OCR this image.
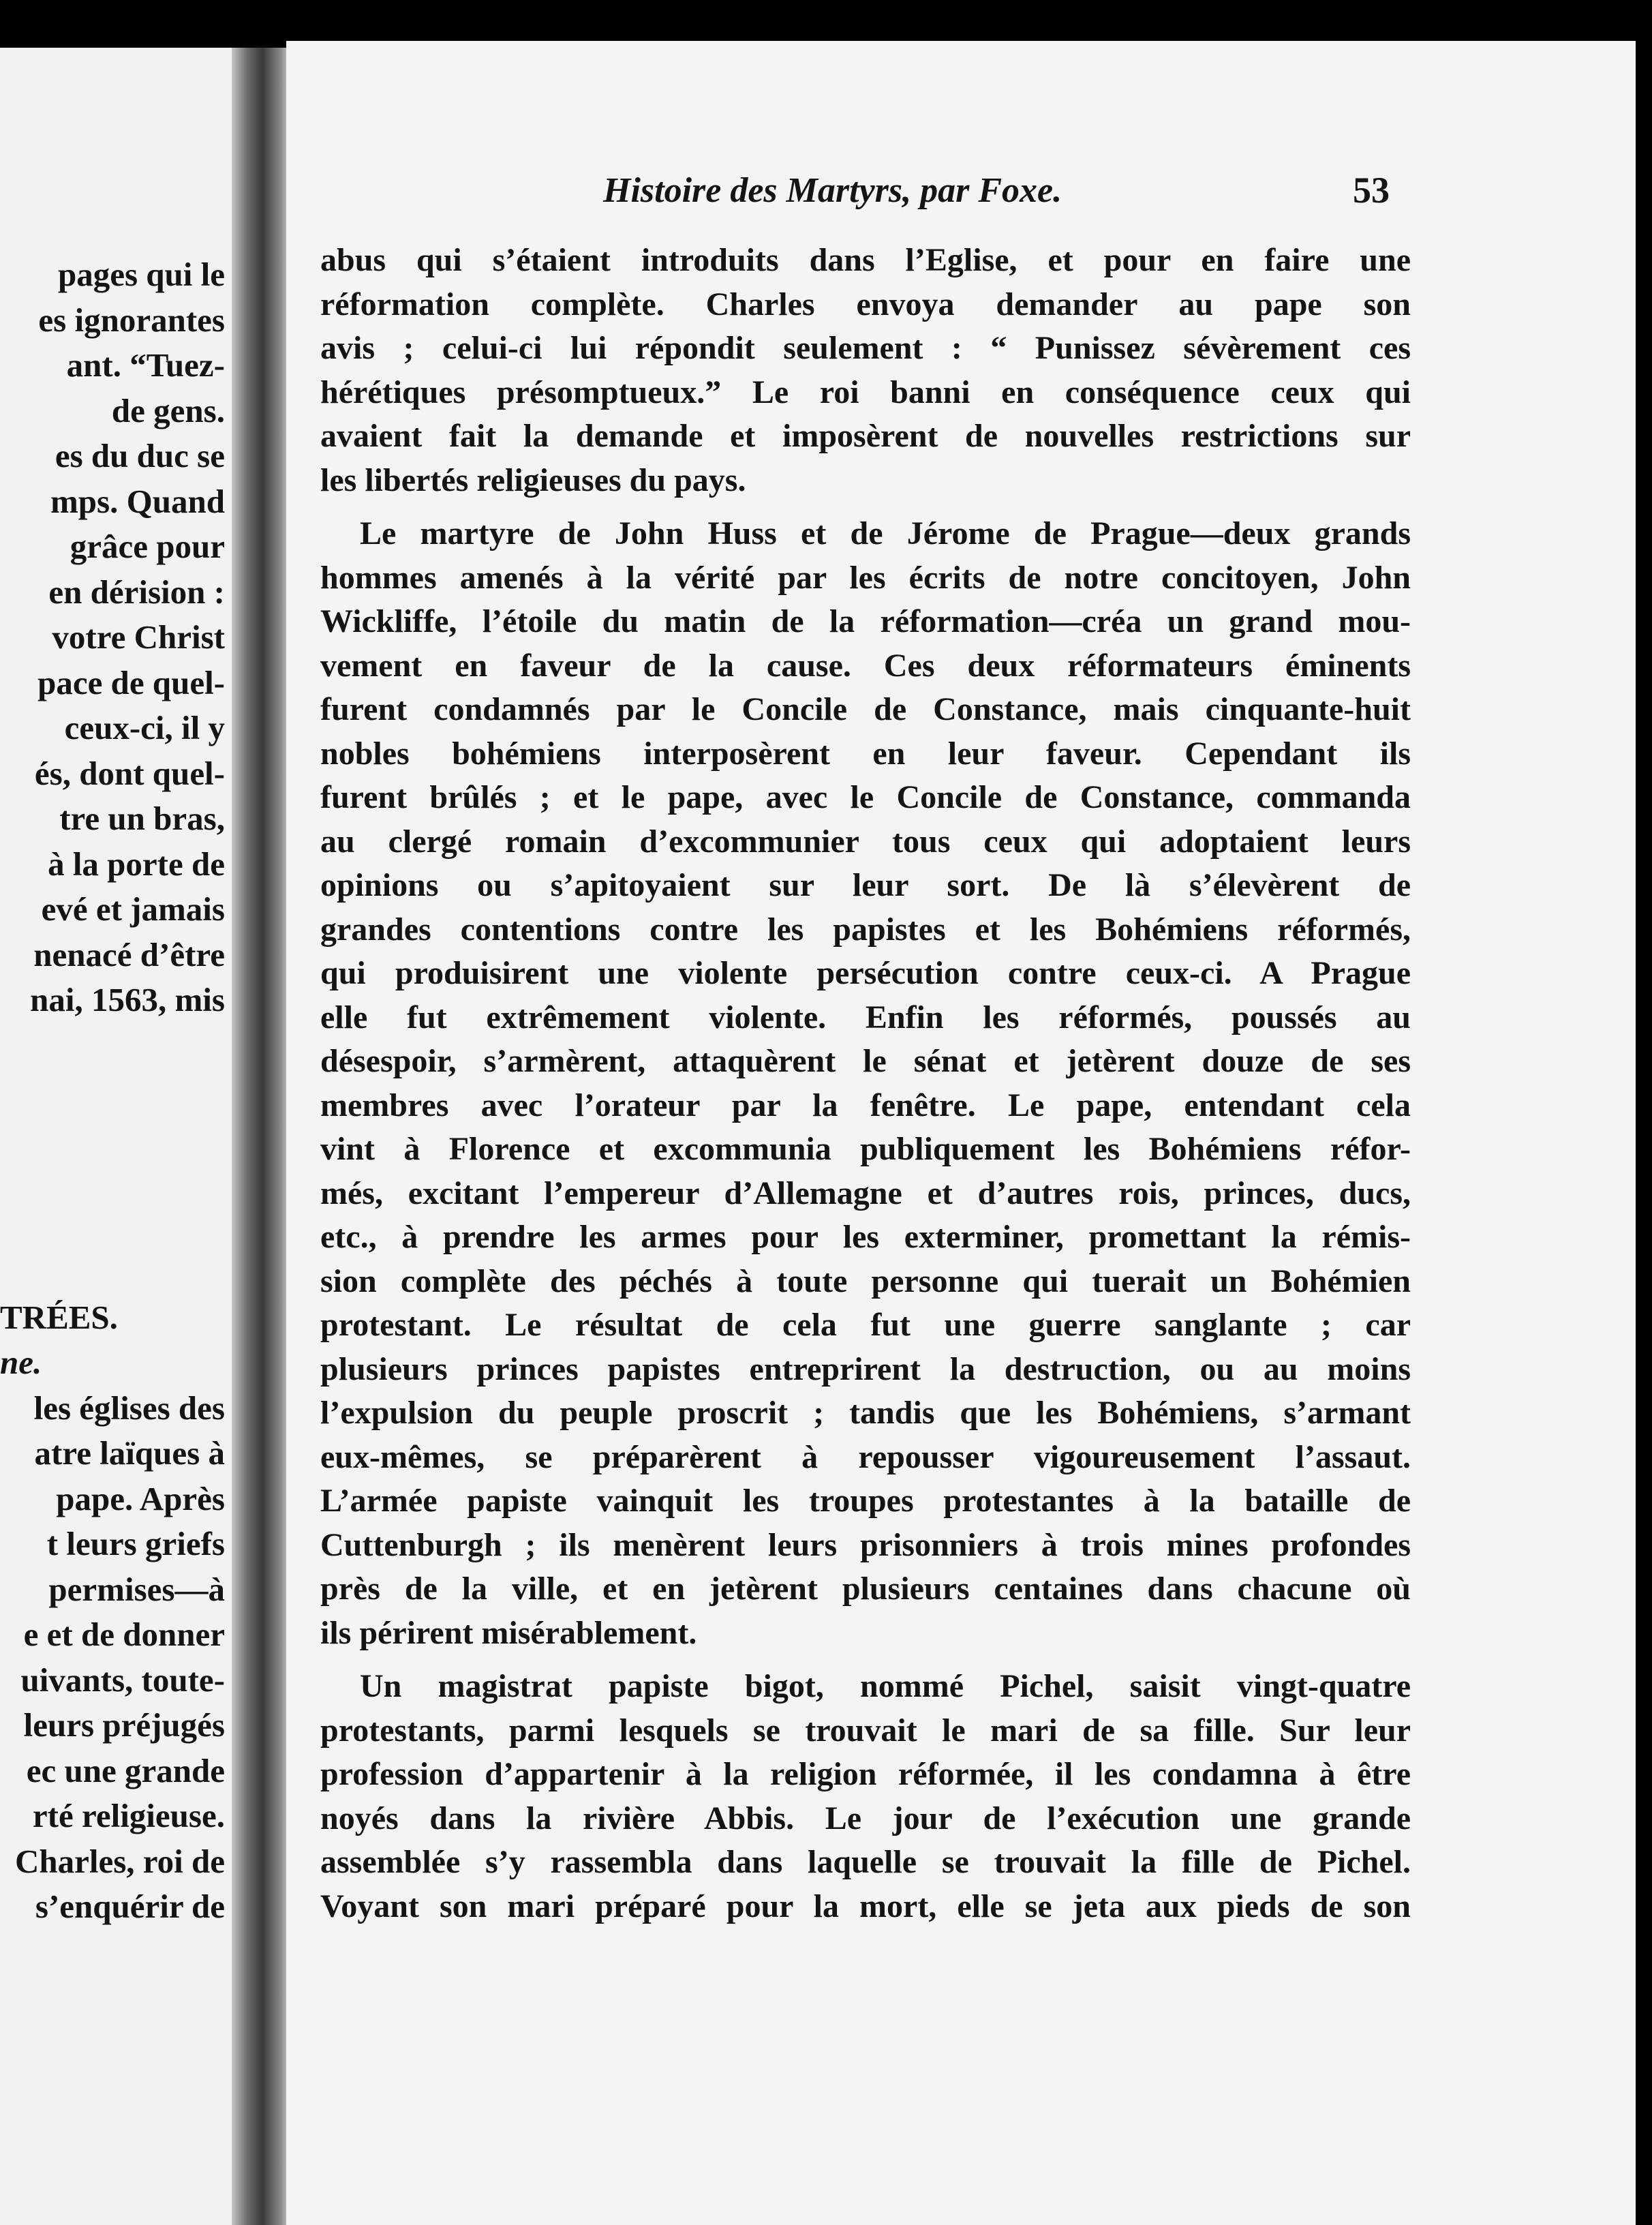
pages qui le
es ignorantes
ant. “Tuez-
de gens.
es du duc se
mps. Quand
grâce pour
en dérision :
votre Christ
pace de quel-
ceux-ci, il y
és, dont quel-
tre un bras,
à la porte de
evé et jamais
nenacé d’être
nai, 1563, mis
TRÉES.
ne.
les églises des
atre laïques à
pape. Après
t leurs griefs
permises—à
e et de donner
uivants, toute-
leurs préjugés
ec une grande
rté religieuse.
Charles, roi de
s’enquérir de
Histoire des Martyrs, par Foxe.	53
abus qui s’étaient introduits dans l’Eglise, et pour en faire une
réformation complète. Charles envoya demander au pape son
avis ; celui-ci lui répondit seulement : “ Punissez sévèrement ces
hérétiques présomptueux.” Le roi banni en conséquence ceux qui
avaient fait la demande et imposèrent de nouvelles restrictions sur
les libertés religieuses du pays.
Le martyre de John Huss et de Jérome de Prague—deux grands
hommes amenés à la vérité par les écrits de notre concitoyen, John
Wickliffe, l’étoile du matin de la réformation—créa un grand mou-
vement en faveur de la cause. Ces deux réformateurs éminents
furent condamnés par le Concile de Constance, mais cinquante-huit
nobles bohémiens interposèrent en leur faveur. Cependant ils
furent brûlés ; et le pape, avec le Concile de Constance, commanda
au clergé romain d’excommunier tous ceux qui adoptaient leurs
opinions ou s’apitoyaient sur leur sort. De là s’élevèrent de
grandes contentions contre les papistes et les Bohémiens réformés,
qui produisirent une violente persécution contre ceux-ci. A Prague
elle fut extrêmement violente. Enfin les réformés, poussés au
désespoir, s’armèrent, attaquèrent le sénat et jetèrent douze de ses
membres avec l’orateur par la fenêtre. Le pape, entendant cela
vint à Florence et excommunia publiquement les Bohémiens réfor-
més, excitant l’empereur d’Allemagne et d’autres rois, princes, ducs,
etc., à prendre les armes pour les exterminer, promettant la rémis-
sion complète des péchés à toute personne qui tuerait un Bohémien
protestant. Le résultat de cela fut une guerre sanglante ; car
plusieurs princes papistes entreprirent la destruction, ou au moins
l’expulsion du peuple proscrit ; tandis que les Bohémiens, s’armant
eux-mêmes, se préparèrent à repousser vigoureusement l’assaut.
L’armée papiste vainquit les troupes protestantes à la bataille de
Cuttenburgh ; ils menèrent leurs prisonniers à trois mines profondes
près de la ville, et en jetèrent plusieurs centaines dans chacune où
ils périrent misérablement.
Un magistrat papiste bigot, nommé Pichel, saisit vingt-quatre
protestants, parmi lesquels se trouvait le mari de sa fille. Sur leur
profession d’appartenir à la religion réformée, il les condamna à être
noyés dans la rivière Abbis. Le jour de l’exécution une grande
assemblée s’y rassembla dans laquelle se trouvait la fille de Pichel.
Voyant son mari préparé pour la mort, elle se jeta aux pieds de son
